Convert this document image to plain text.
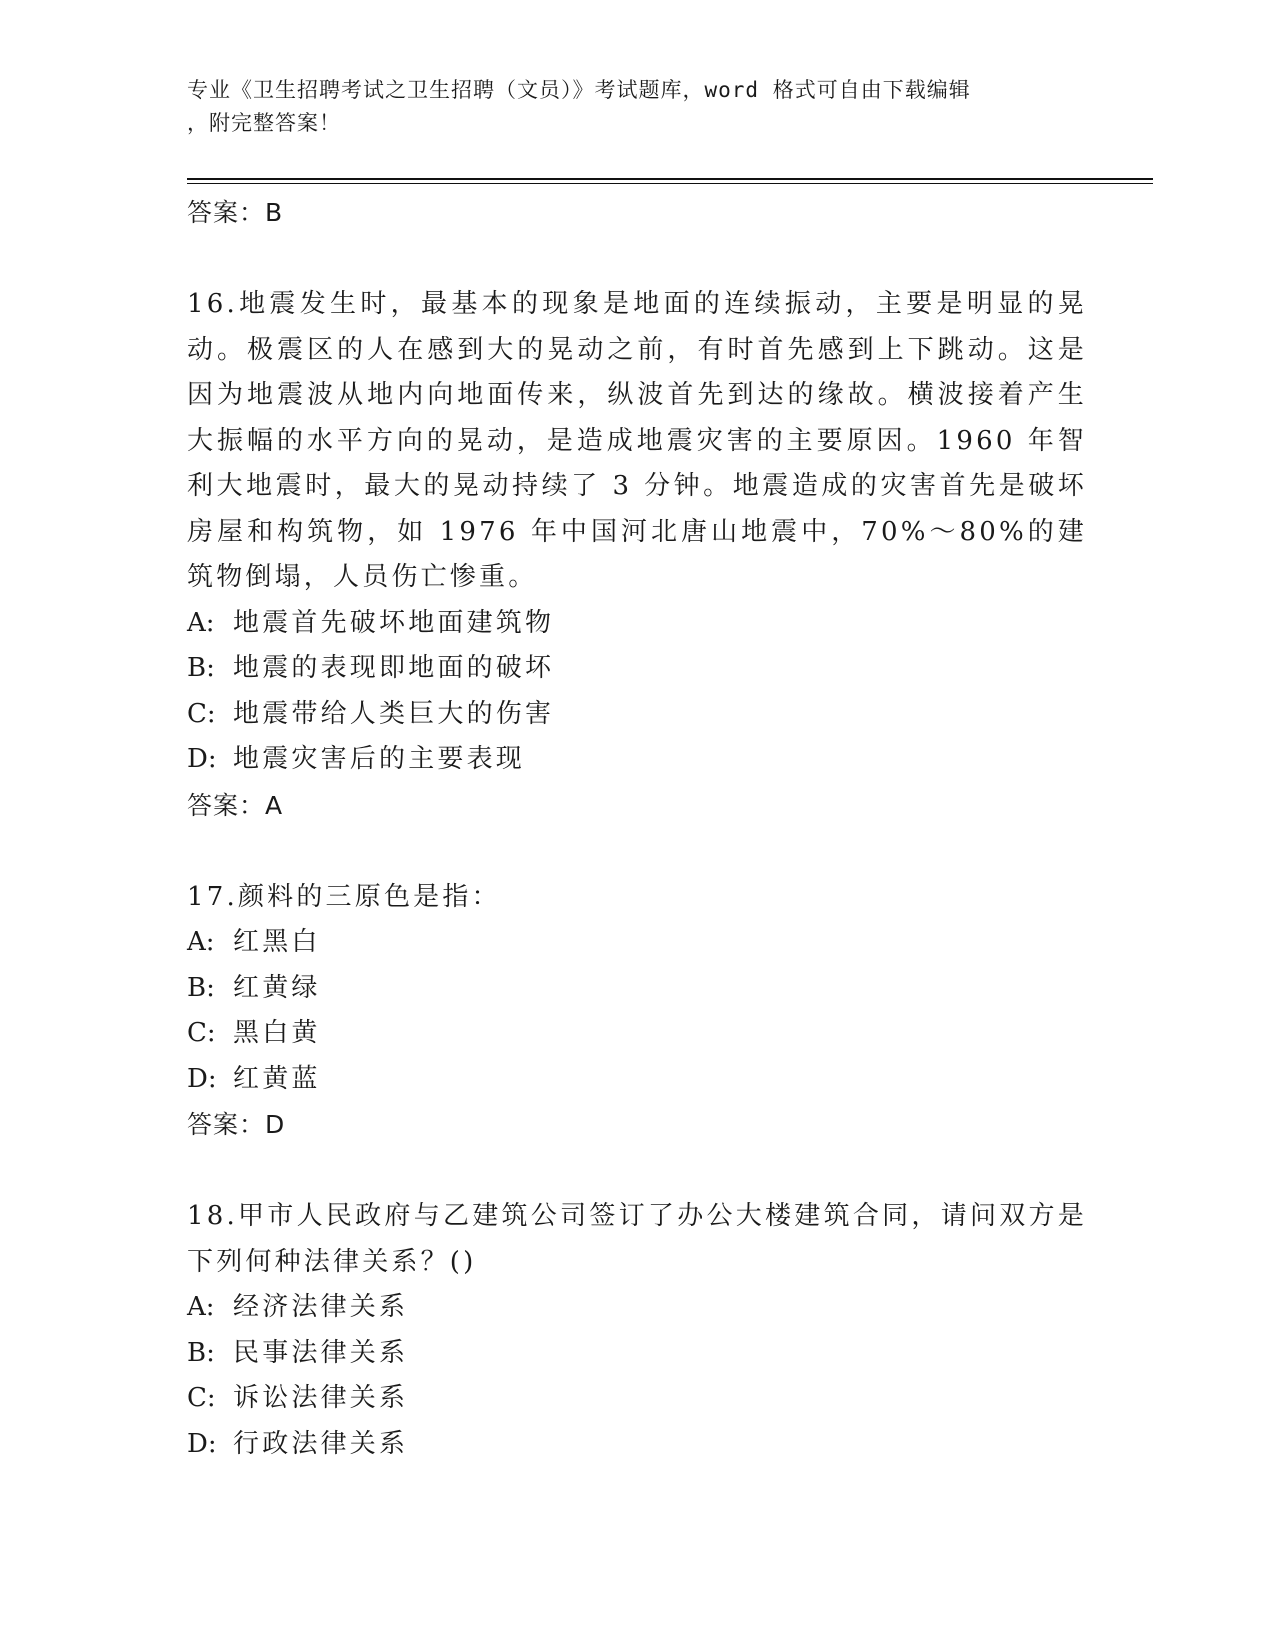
专业《卫生招聘考试之卫生招聘（文员）》考试题库，word 格式可自由下载编辑
，附完整答案！
答案：B
16.地震发生时，最基本的现象是地面的连续振动，主要是明显的晃动。极震区的人在感到大的晃动之前，有时首先感到上下跳动。这是因为地震波从地内向地面传来，纵波首先到达的缘故。横波接着产生大振幅的水平方向的晃动，是造成地震灾害的主要原因。1960 年智利大地震时，最大的晃动持续了 3 分钟。地震造成的灾害首先是破坏房屋和构筑物，如 1976 年中国河北唐山地震中，70%～80%的建筑物倒塌，人员伤亡惨重。
A: 地震首先破坏地面建筑物
B: 地震的表现即地面的破坏
C: 地震带给人类巨大的伤害
D: 地震灾害后的主要表现
答案：A
17.颜料的三原色是指：
A: 红黑白
B: 红黄绿
C: 黑白黄
D: 红黄蓝
答案：D
18.甲市人民政府与乙建筑公司签订了办公大楼建筑合同，请问双方是下列何种法律关系？()
A: 经济法律关系
B: 民事法律关系
C: 诉讼法律关系
D: 行政法律关系
